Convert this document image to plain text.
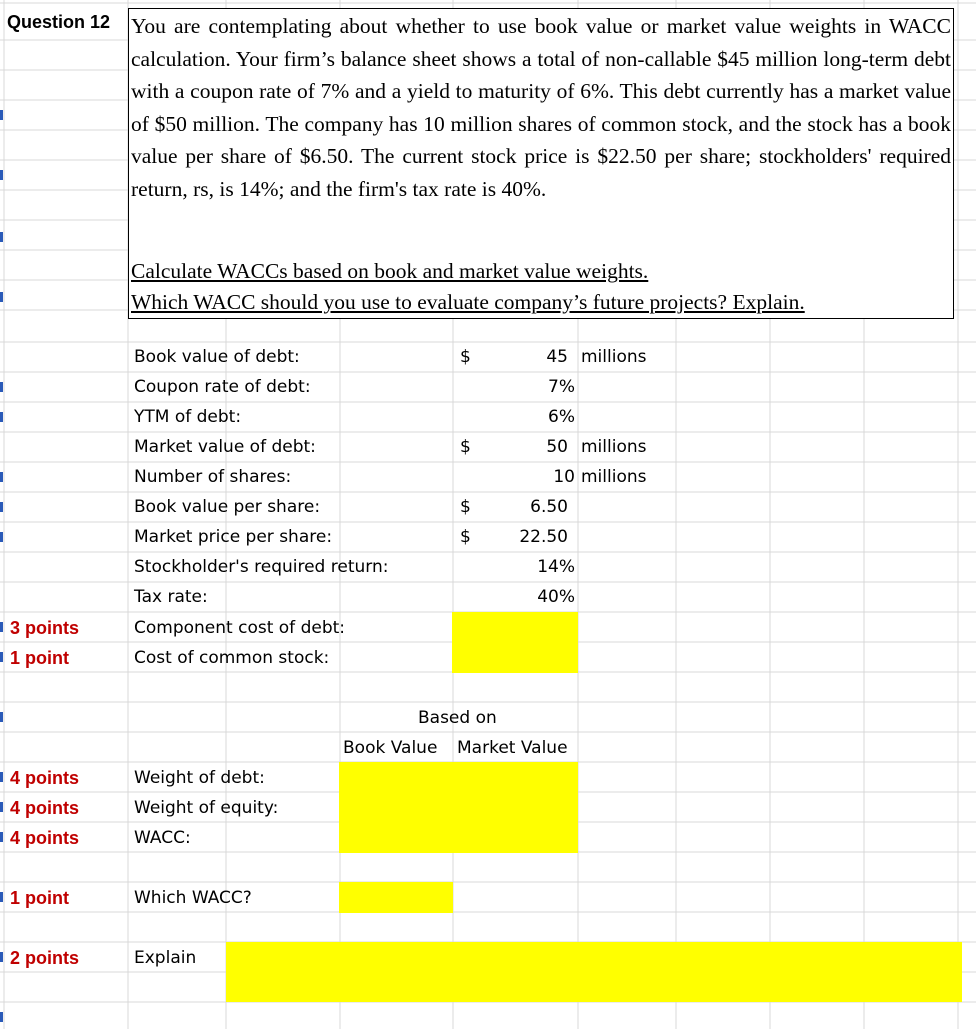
Question 12 You are contemplating about whether to use book value or market value weights in WACC calculation. Your firm’s balance sheet shows a total of non-callable $45 million long-term debt with a coupon rate of 7% and a yield to maturity of 6%. This debt currently has a market value of $50 million. The company has 10 million shares of common stock, and the stock has a book value per share of $6.50. The current stock price is $22.50 per share; stockholders' required return, rs, is 14%; and the firm's tax rate is 40%.
Calculate WACCs based on book and market value weights.
Which WACC should you use to evaluate company’s future projects? Explain.
Book value of debt:	$	45 millions
Coupon rate of debt:	7%
YTM of debt:	6%
Market value of debt:	$	50 millions
Number of shares:	10 millions
Book value per share:	$	6.50
Market price per share:	$	22.50
Stockholder's required return:	14%
Tax rate:	40%
3 points	Component cost of debt:
1 point	Cost of common stock:
Based on
Book Value Market Value
4 points	Weight of debt:
4 points	Weight of equity:
4 points	WACC:
1 point	Which WACC?
2 points	Explain
